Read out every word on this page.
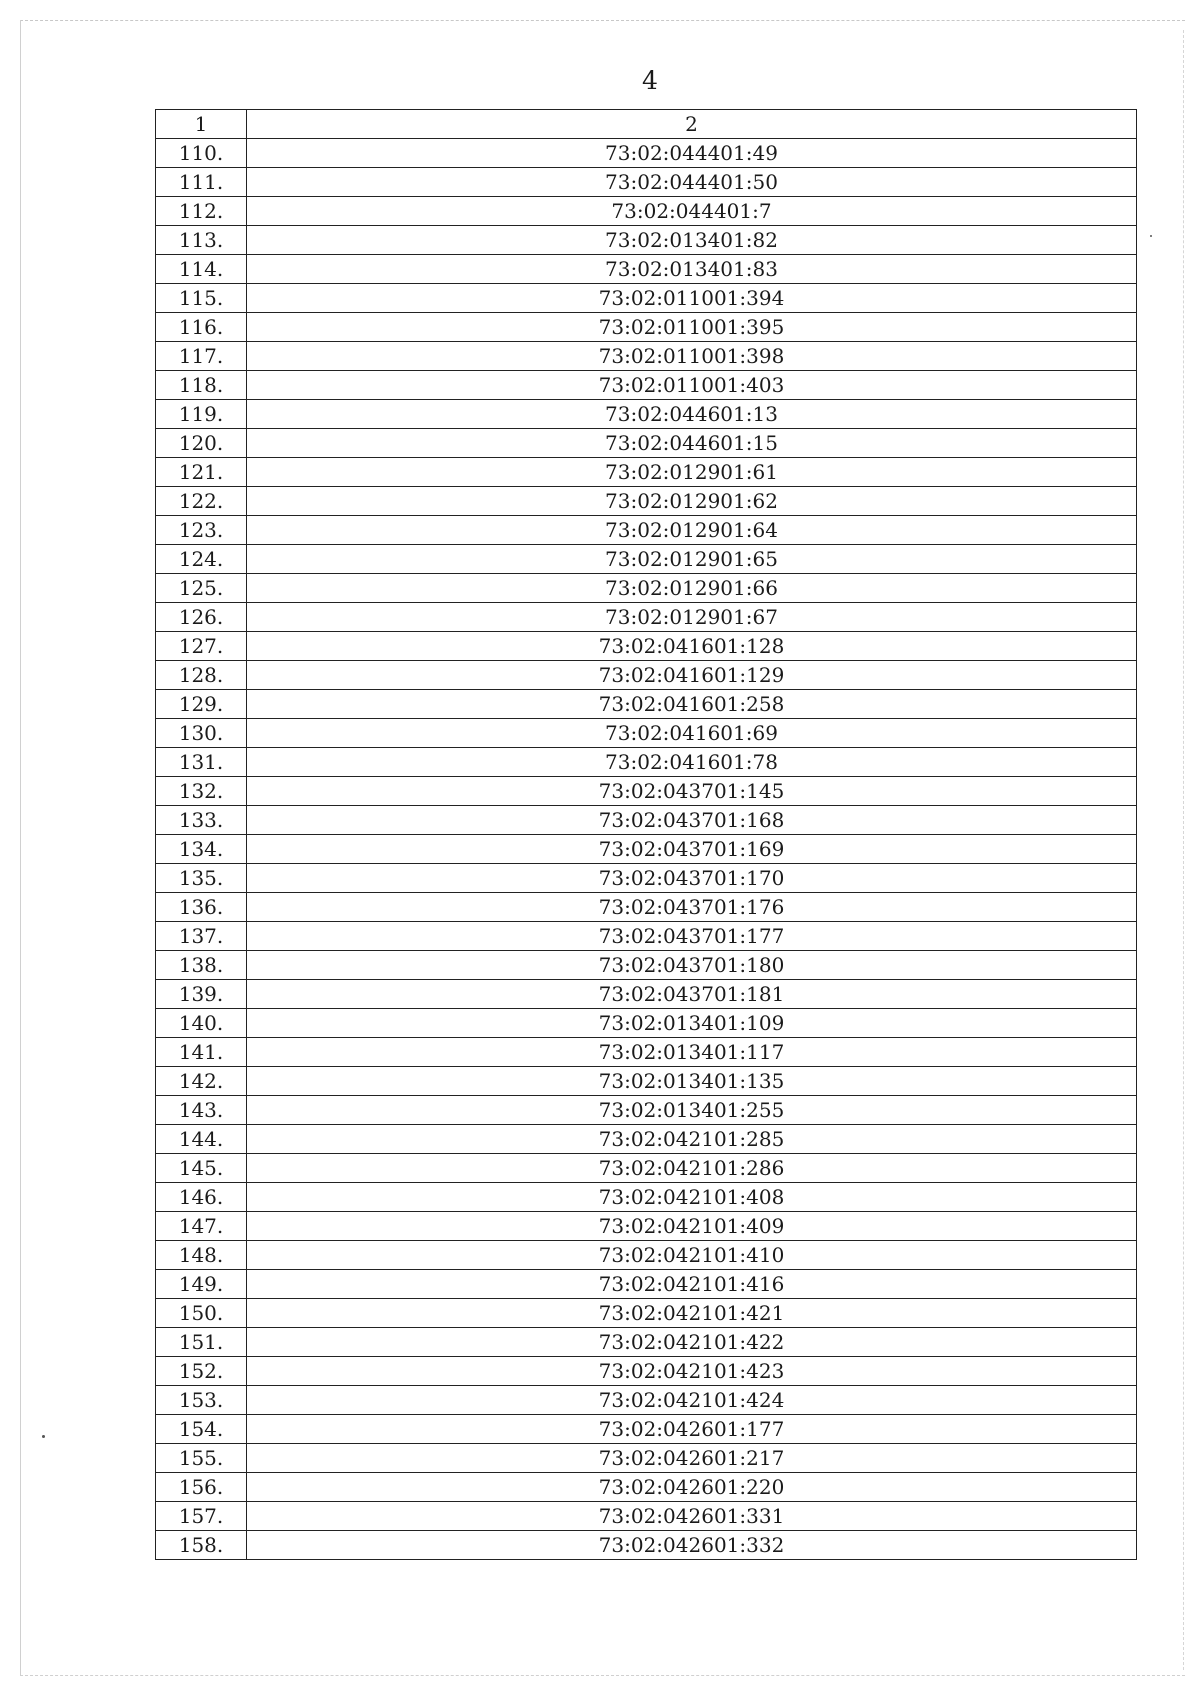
4
1	2
110.	73:02:044401:49
111.	73:02:044401:50
112.	73:02:044401:7
113.	73:02:013401:82
114.	73:02:013401:83
115.	73:02:011001:394
116.	73:02:011001:395
117.	73:02:011001:398
118.	73:02:011001:403
119.	73:02:044601:13
120.	73:02:044601:15
121.	73:02:012901:61
122.	73:02:012901:62
123.	73:02:012901:64
124.	73:02:012901:65
125.	73:02:012901:66
126.	73:02:012901:67
127.	73:02:041601:128
128.	73:02:041601:129
129.	73:02:041601:258
130.	73:02:041601:69
131.	73:02:041601:78
132.	73:02:043701:145
133.	73:02:043701:168
134.	73:02:043701:169
135.	73:02:043701:170
136.	73:02:043701:176
137.	73:02:043701:177
138.	73:02:043701:180
139.	73:02:043701:181
140.	73:02:013401:109
141.	73:02:013401:117
142.	73:02:013401:135
143.	73:02:013401:255
144.	73:02:042101:285
145.	73:02:042101:286
146.	73:02:042101:408
147.	73:02:042101:409
148.	73:02:042101:410
149.	73:02:042101:416
150.	73:02:042101:421
151.	73:02:042101:422
152.	73:02:042101:423
153.	73:02:042101:424
154.	73:02:042601:177
155.	73:02:042601:217
156.	73:02:042601:220
157.	73:02:042601:331
158.	73:02:042601:332
